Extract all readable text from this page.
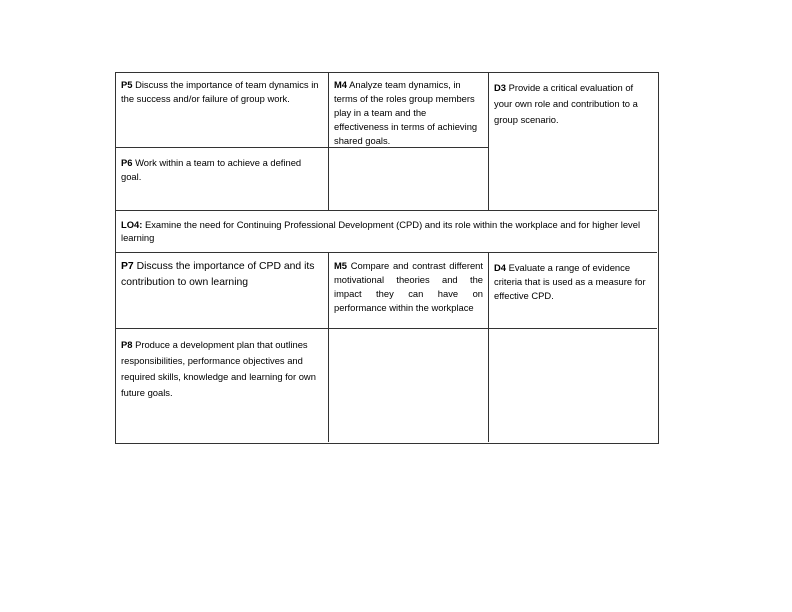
P5 Discuss the importance of team dynamics in the success and/or failure of group work.
M4 Analyze team dynamics, in terms of the roles group members play in a team and the effectiveness in terms of achieving shared goals.
D3 Provide a critical evaluation of your own role and contribution to a group scenario.
P6 Work within a team to achieve a defined goal.
LO4: Examine the need for Continuing Professional Development (CPD) and its role within the workplace and for higher level learning
P7 Discuss the importance of CPD and its contribution to own learning
M5 Compare and contrast different motivational theories and the impact they can have on performance within the workplace
D4 Evaluate a range of evidence criteria that is used as a measure for effective CPD.
P8 Produce a development plan that outlines responsibilities, performance objectives and required skills, knowledge and learning for own future goals.
